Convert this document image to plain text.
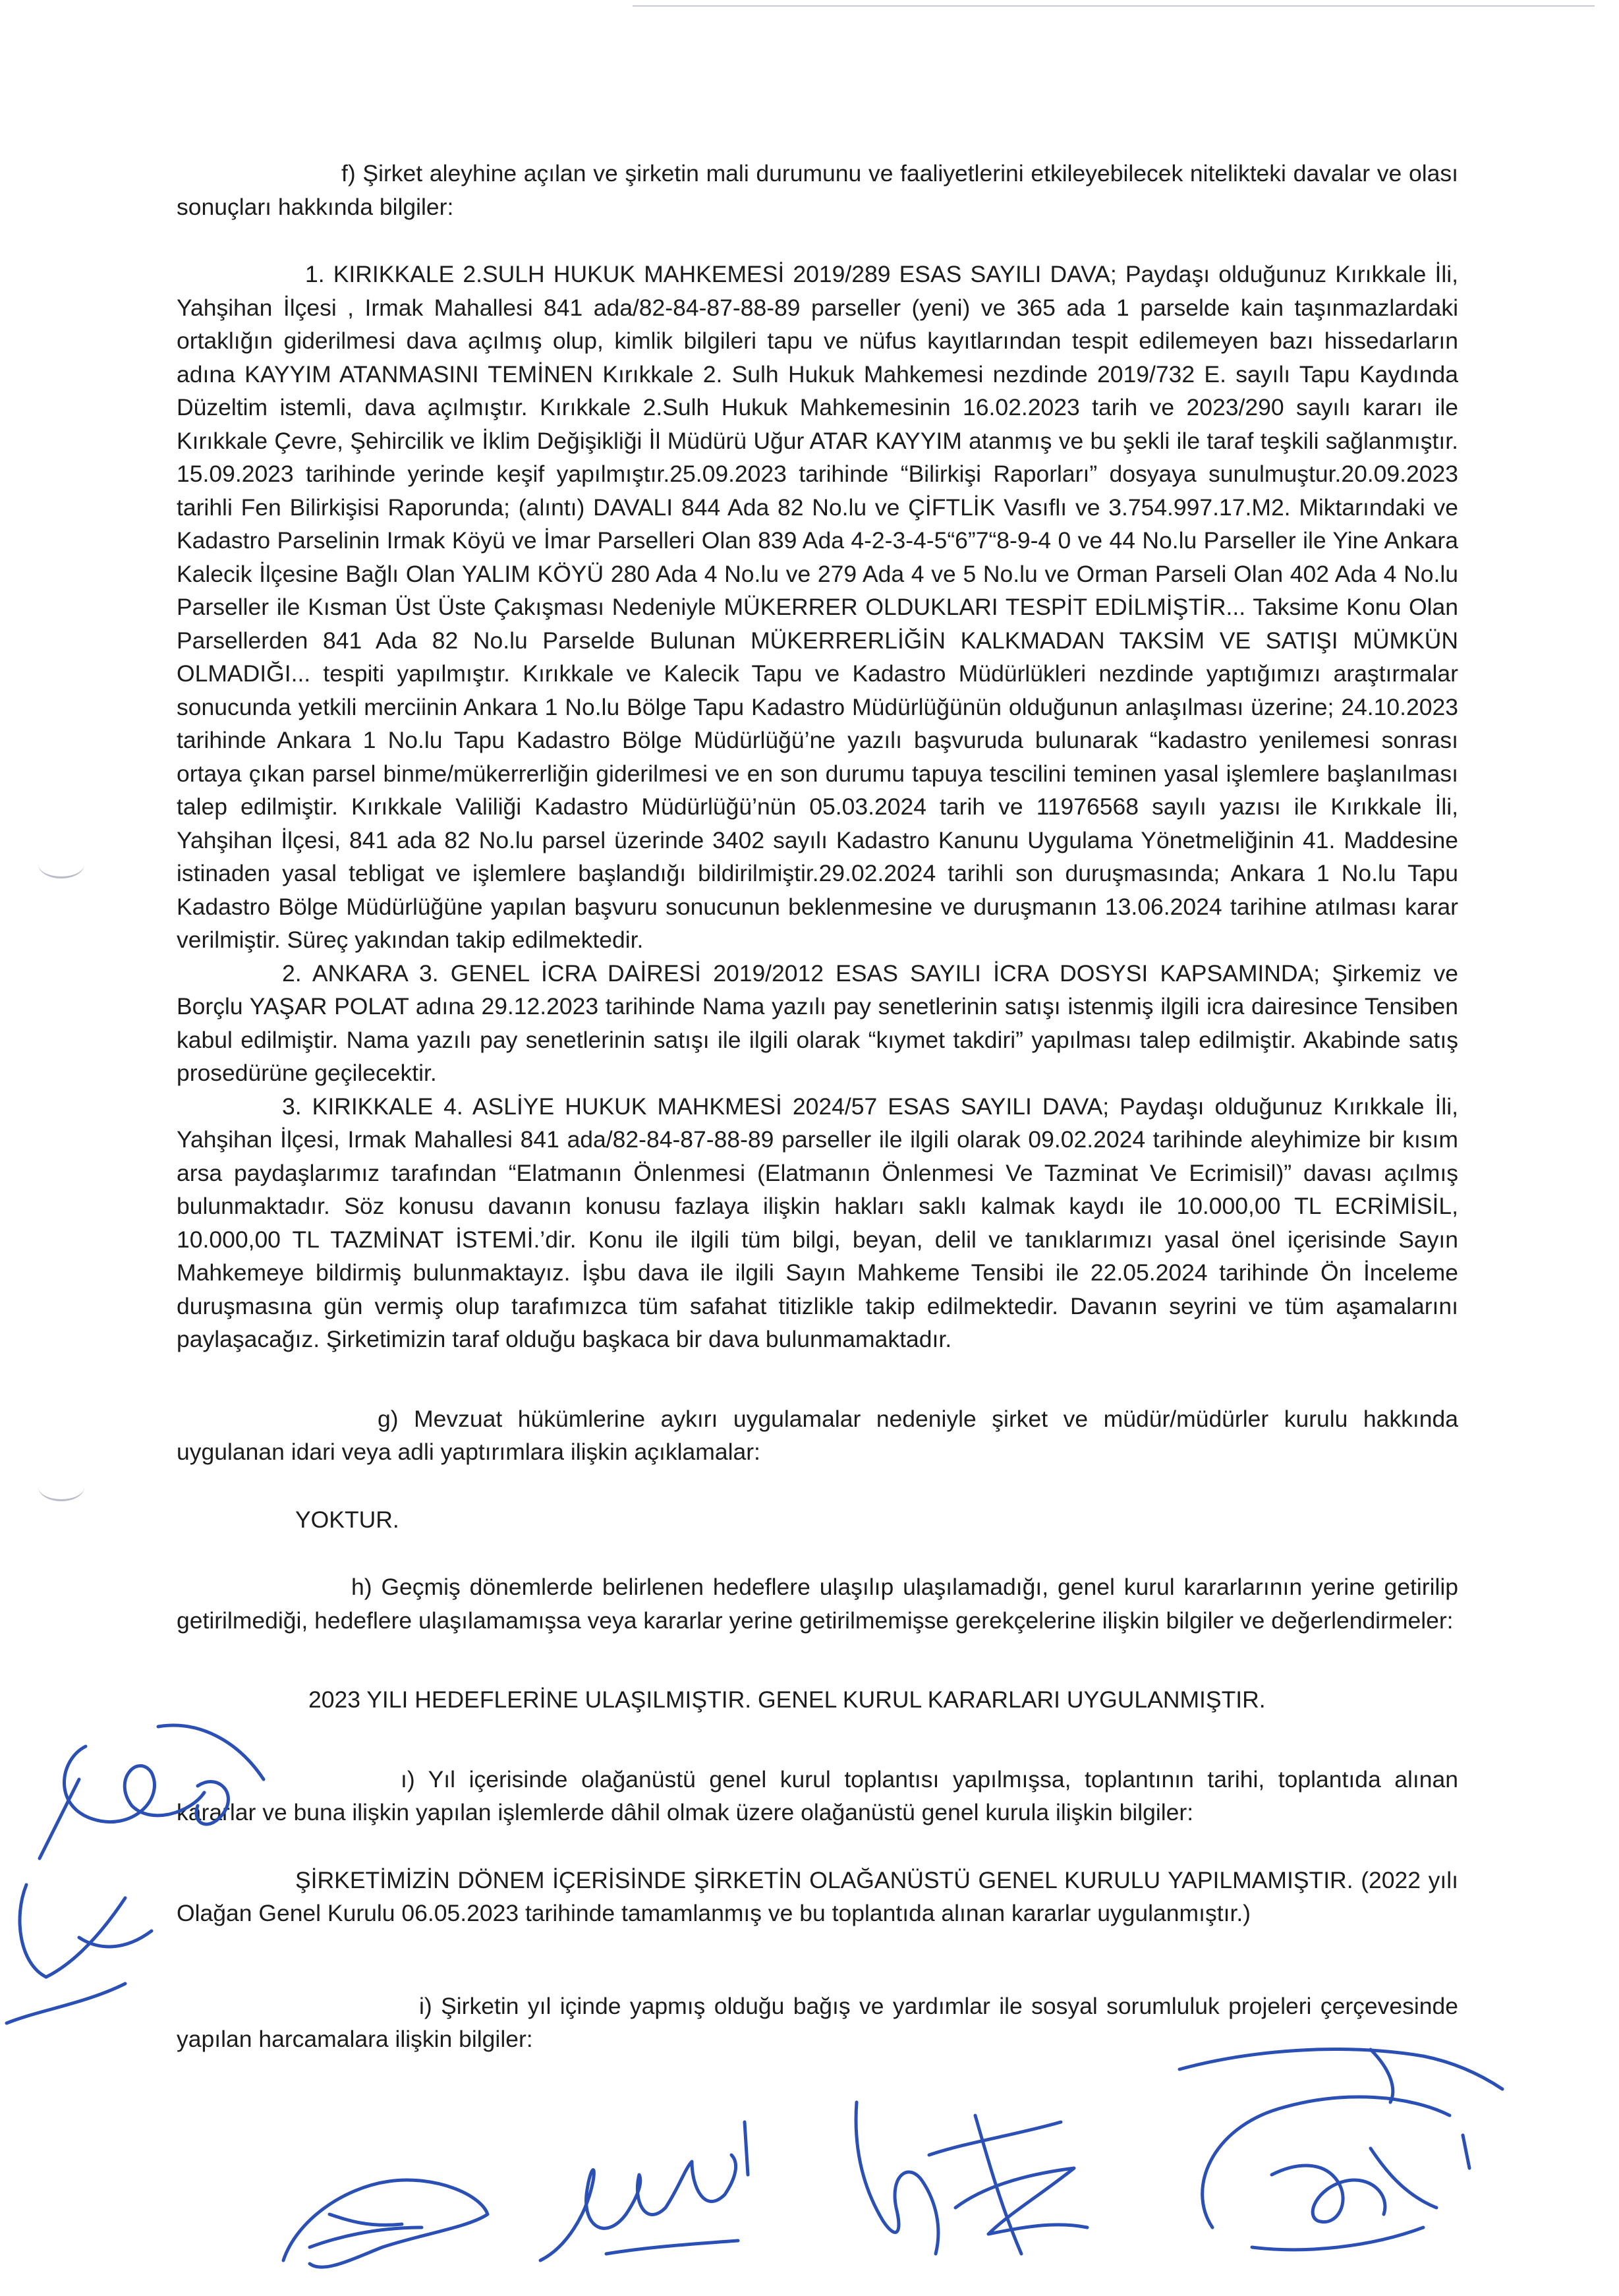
f) Şirket aleyhine açılan ve şirketin mali durumunu ve faaliyetlerini etkileyebilecek nitelikteki davalar ve olası sonuçları hakkında bilgiler:

1. KIRIKKALE 2.SULH HUKUK MAHKEMESİ 2019/289 ESAS SAYILI DAVA; Paydaşı olduğunuz Kırıkkale İli, Yahşihan İlçesi , Irmak Mahallesi 841 ada/82-84-87-88-89 parseller (yeni) ve 365 ada 1 parselde kain taşınmazlardaki ortaklığın giderilmesi dava açılmış olup, kimlik bilgileri tapu ve nüfus kayıtlarından tespit edilemeyen bazı hissedarların adına KAYYIM ATANMASINI TEMİNEN Kırıkkale 2. Sulh Hukuk Mahkemesi nezdinde 2019/732 E. sayılı Tapu Kaydında Düzeltim istemli, dava açılmıştır. Kırıkkale 2.Sulh Hukuk Mahkemesinin 16.02.2023 tarih ve 2023/290 sayılı kararı ile Kırıkkale Çevre, Şehircilik ve İklim Değişikliği İl Müdürü Uğur ATAR KAYYIM atanmış ve bu şekli ile taraf teşkili sağlanmıştır. 15.09.2023 tarihinde yerinde keşif yapılmıştır.25.09.2023 tarihinde “Bilirkişi Raporları” dosyaya sunulmuştur.20.09.2023 tarihli Fen Bilirkişisi Raporunda; (alıntı) DAVALI 844 Ada 82 No.lu ve ÇİFTLİK Vasıflı ve 3.754.997.17.M2. Miktarındaki ve Kadastro Parselinin Irmak Köyü ve İmar Parselleri Olan 839 Ada 4-2-3-4-5“6”7“8-9-4 0 ve 44 No.lu Parseller ile Yine Ankara Kalecik İlçesine Bağlı Olan YALIM KÖYÜ 280 Ada 4 No.lu ve 279 Ada 4 ve 5 No.lu ve Orman Parseli Olan 402 Ada 4 No.lu Parseller ile Kısman Üst Üste Çakışması Nedeniyle MÜKERRER OLDUKLARI TESPİT EDİLMİŞTİR... Taksime Konu Olan Parsellerden 841 Ada 82 No.lu Parselde Bulunan MÜKERRERLİĞİN KALKMADAN TAKSİM VE SATIŞI MÜMKÜN OLMADIĞI... tespiti yapılmıştır. Kırıkkale ve Kalecik Tapu ve Kadastro Müdürlükleri nezdinde yaptığımızı araştırmalar sonucunda yetkili merciinin Ankara 1 No.lu Bölge Tapu Kadastro Müdürlüğünün olduğunun anlaşılması üzerine; 24.10.2023 tarihinde Ankara 1 No.lu Tapu Kadastro Bölge Müdürlüğü’ne yazılı başvuruda bulunarak “kadastro yenilemesi sonrası ortaya çıkan parsel binme/mükerrerliğin giderilmesi ve en son durumu tapuya tescilini teminen yasal işlemlere başlanılması talep edilmiştir. Kırıkkale Valiliği Kadastro Müdürlüğü’nün 05.03.2024 tarih ve 11976568 sayılı yazısı ile Kırıkkale İli, Yahşihan İlçesi, 841 ada 82 No.lu parsel üzerinde 3402 sayılı Kadastro Kanunu Uygulama Yönetmeliğinin 41. Maddesine istinaden yasal tebligat ve işlemlere başlandığı bildirilmiştir.29.02.2024 tarihli son duruşmasında; Ankara 1 No.lu Tapu Kadastro Bölge Müdürlüğüne yapılan başvuru sonucunun beklenmesine ve duruşmanın 13.06.2024 tarihine atılması karar verilmiştir. Süreç yakından takip edilmektedir.

2. ANKARA 3. GENEL İCRA DAİRESİ 2019/2012 ESAS SAYILI İCRA DOSYSI KAPSAMINDA; Şirkemiz ve Borçlu YAŞAR POLAT adına 29.12.2023 tarihinde Nama yazılı pay senetlerinin satışı istenmiş ilgili icra dairesince Tensiben kabul edilmiştir. Nama yazılı pay senetlerinin satışı ile ilgili olarak “kıymet takdiri” yapılması talep edilmiştir. Akabinde satış prosedürüne geçilecektir.

3. KIRIKKALE 4. ASLİYE HUKUK MAHKMESİ 2024/57 ESAS SAYILI DAVA; Paydaşı olduğunuz Kırıkkale İli, Yahşihan İlçesi, Irmak Mahallesi 841 ada/82-84-87-88-89 parseller ile ilgili olarak 09.02.2024 tarihinde aleyhimize bir kısım arsa paydaşlarımız tarafından “Elatmanın Önlenmesi (Elatmanın Önlenmesi Ve Tazminat Ve Ecrimisil)” davası açılmış bulunmaktadır. Söz konusu davanın konusu fazlaya ilişkin hakları saklı kalmak kaydı ile 10.000,00 TL ECRİMİSİL, 10.000,00 TL TAZMİNAT İSTEMİ.’dir. Konu ile ilgili tüm bilgi, beyan, delil ve tanıklarımızı yasal önel içerisinde Sayın Mahkemeye bildirmiş bulunmaktayız. İşbu dava ile ilgili Sayın Mahkeme Tensibi ile 22.05.2024 tarihinde Ön İnceleme duruşmasına gün vermiş olup tarafımızca tüm safahat titizlikle takip edilmektedir. Davanın seyrini ve tüm aşamalarını paylaşacağız. Şirketimizin taraf olduğu başkaca bir dava bulunmamaktadır.

g) Mevzuat hükümlerine aykırı uygulamalar nedeniyle şirket ve müdür/müdürler kurulu hakkında uygulanan idari veya adli yaptırımlara ilişkin açıklamalar:

YOKTUR.

h) Geçmiş dönemlerde belirlenen hedeflere ulaşılıp ulaşılamadığı, genel kurul kararlarının yerine getirilip getirilmediği, hedeflere ulaşılamamışsa veya kararlar yerine getirilmemişse gerekçelerine ilişkin bilgiler ve değerlendirmeler:

2023 YILI HEDEFLERİNE ULAŞILMIŞTIR. GENEL KURUL KARARLARI UYGULANMIŞTIR.

ı) Yıl içerisinde olağanüstü genel kurul toplantısı yapılmışsa, toplantının tarihi, toplantıda alınan kararlar ve buna ilişkin yapılan işlemlerde dâhil olmak üzere olağanüstü genel kurula ilişkin bilgiler:

ŞİRKETİMİZİN DÖNEM İÇERİSİNDE ŞİRKETİN OLAĞANÜSTÜ GENEL KURULU YAPILMAMIŞTIR. (2022 yılı Olağan Genel Kurulu 06.05.2023 tarihinde tamamlanmış ve bu toplantıda alınan kararlar uygulanmıştır.)

i) Şirketin yıl içinde yapmış olduğu bağış ve yardımlar ile sosyal sorumluluk projeleri çerçevesinde yapılan harcamalara ilişkin bilgiler:
